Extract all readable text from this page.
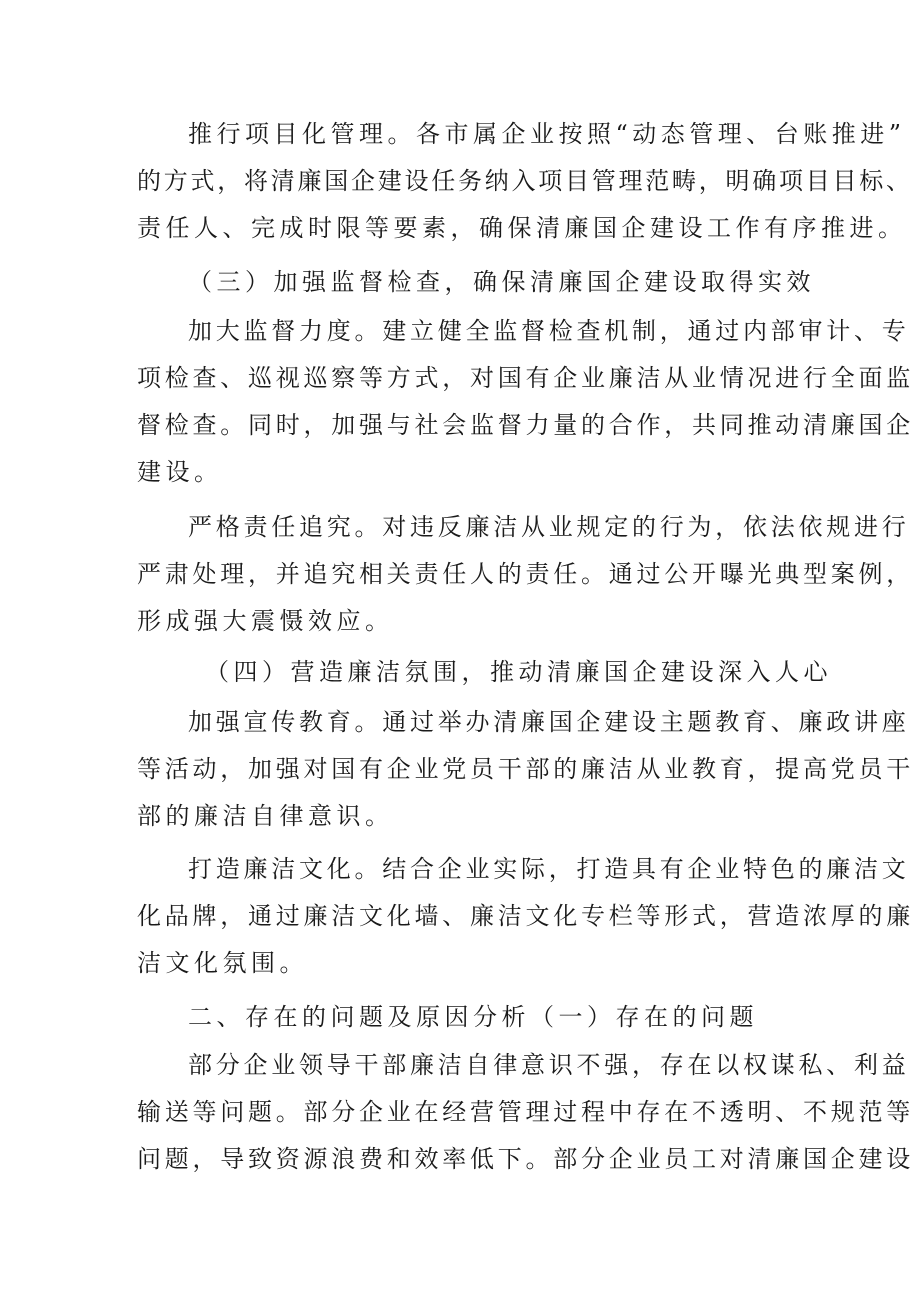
推行项目化管理。各市属企业按照“动态管理、台账推进”
的方式，将清廉国企建设任务纳入项目管理范畴，明确项目目标、
责任人、完成时限等要素，确保清廉国企建设工作有序推进。
（三）加强监督检查，确保清廉国企建设取得实效
加大监督力度。建立健全监督检查机制，通过内部审计、专
项检查、巡视巡察等方式，对国有企业廉洁从业情况进行全面监
督检查。同时，加强与社会监督力量的合作，共同推动清廉国企
建设。
严格责任追究。对违反廉洁从业规定的行为，依法依规进行
严肃处理，并追究相关责任人的责任。通过公开曝光典型案例，
形成强大震慑效应。
（四）营造廉洁氛围，推动清廉国企建设深入人心
加强宣传教育。通过举办清廉国企建设主题教育、廉政讲座
等活动，加强对国有企业党员干部的廉洁从业教育，提高党员干
部的廉洁自律意识。
打造廉洁文化。结合企业实际，打造具有企业特色的廉洁文
化品牌，通过廉洁文化墙、廉洁文化专栏等形式，营造浓厚的廉
洁文化氛围。
二、存在的问题及原因分析（一）存在的问题
部分企业领导干部廉洁自律意识不强，存在以权谋私、利益
输送等问题。部分企业在经营管理过程中存在不透明、不规范等
问题，导致资源浪费和效率低下。部分企业员工对清廉国企建设
